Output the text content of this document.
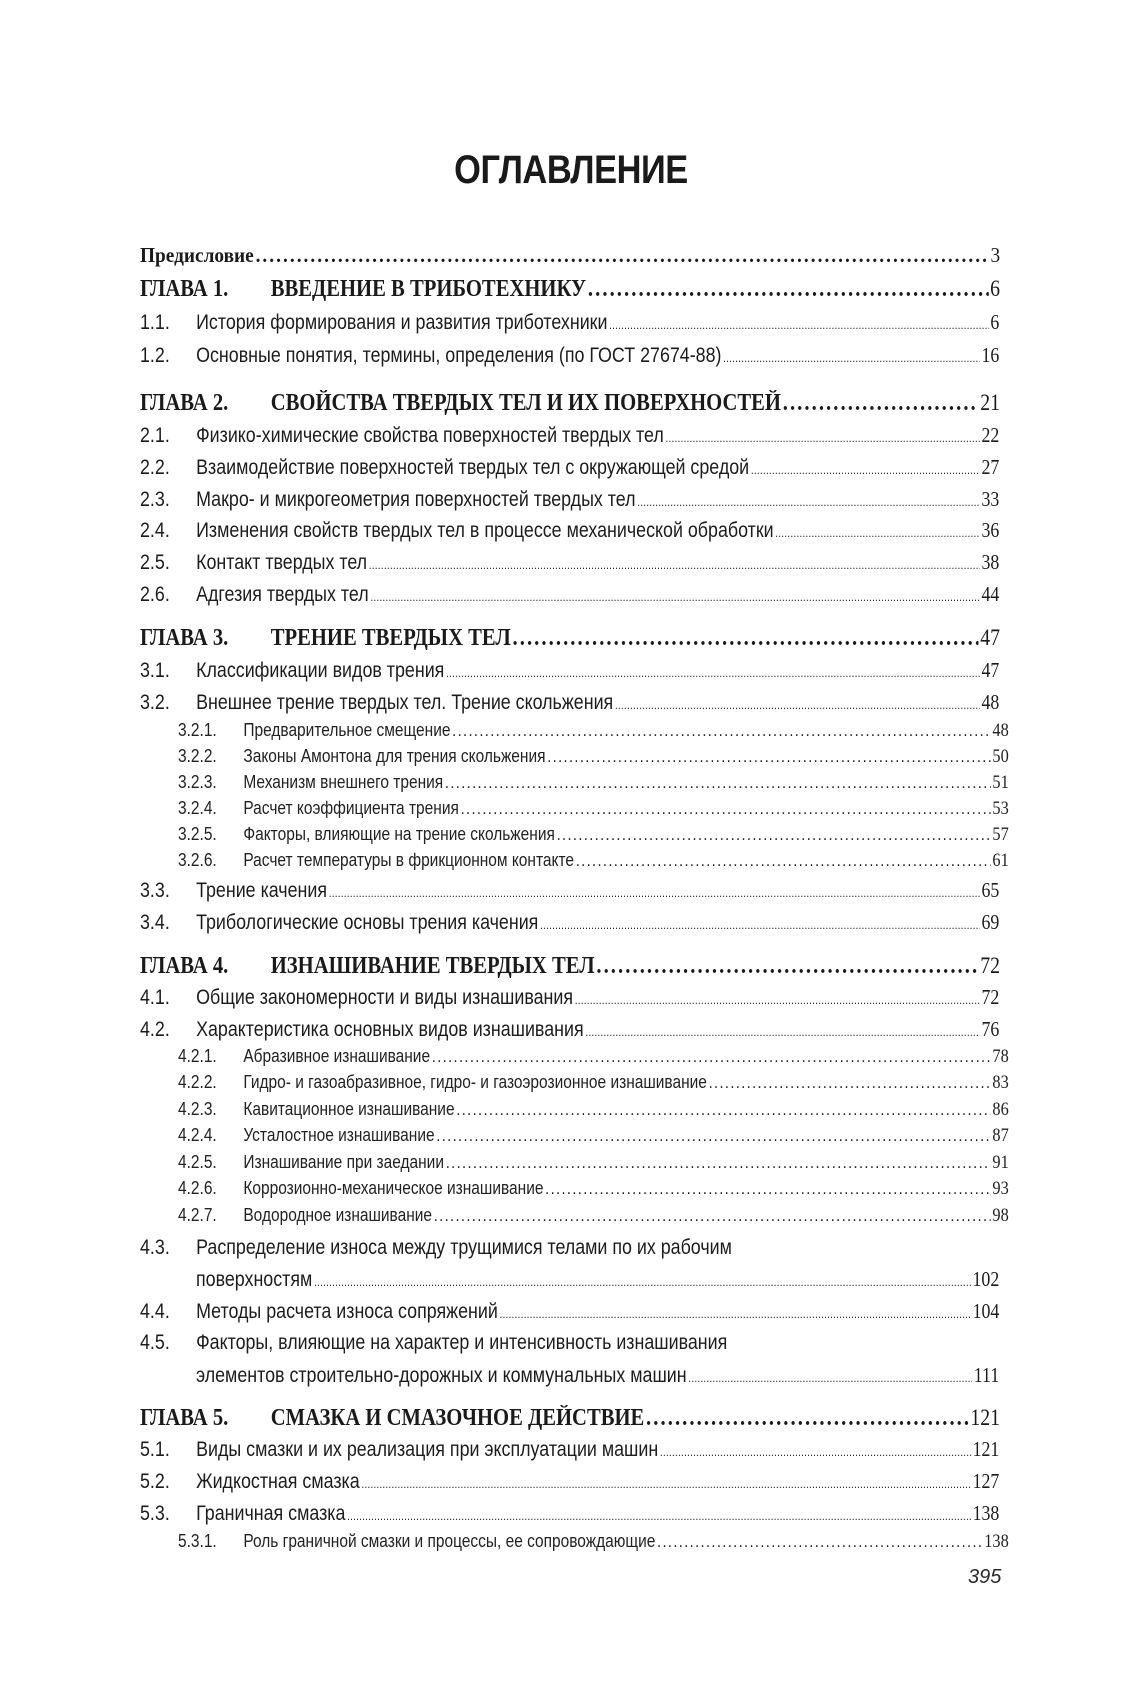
ОГЛАВЛЕНИЕ
Предисловие .....	3
ГЛАВА 1.	ВВЕДЕНИЕ В ТРИБОТЕХНИКУ .....	6
1.1.	История формирования и развития триботехники .....	6
1.2.	Основные понятия, термины, определения (по ГОСТ 27674-88) .....	16
ГЛАВА 2.	СВОЙСТВА ТВЕРДЫХ ТЕЛ И ИХ ПОВЕРХНОСТЕЙ .....	21
2.1.	Физико-химические свойства поверхностей твердых тел .....	22
2.2.	Взаимодействие поверхностей твердых тел с окружающей средой .....	27
2.3.	Макро- и микрогеометрия поверхностей твердых тел .....	33
2.4.	Изменения свойств твердых тел в процессе механической обработки .....	36
2.5.	Контакт твердых тел .....	38
2.6.	Адгезия твердых тел .....	44
ГЛАВА 3.	ТРЕНИЕ ТВЕРДЫХ ТЕЛ .....	47
3.1.	Классификации видов трения .....	47
3.2.	Внешнее трение твердых тел. Трение скольжения .....	48
3.2.1.	Предварительное смещение .....	48
3.2.2.	Законы Амонтона для трения скольжения .....	50
3.2.3.	Механизм внешнего трения .....	51
3.2.4.	Расчет коэффициента трения .....	53
3.2.5.	Факторы, влияющие на трение скольжения .....	57
3.2.6.	Расчет температуры в фрикционном контакте .....	61
3.3.	Трение качения .....	65
3.4.	Трибологические основы трения качения .....	69
ГЛАВА 4.	ИЗНАШИВАНИЕ ТВЕРДЫХ ТЕЛ .....	72
4.1.	Общие закономерности и виды изнашивания .....	72
4.2.	Характеристика основных видов изнашивания .....	76
4.2.1.	Абразивное изнашивание .....	78
4.2.2.	Гидро- и газоабразивное, гидро- и газоэрозионное изнашивание .....	83
4.2.3.	Кавитационное изнашивание .....	86
4.2.4.	Усталостное изнашивание .....	87
4.2.5.	Изнашивание при заедании .....	91
4.2.6.	Коррозионно-механическое изнашивание .....	93
4.2.7.	Водородное изнашивание .....	98
4.3.	Распределение износа между трущимися телами по их рабочим
поверхностям .....	102
4.4.	Методы расчета износа сопряжений .....	104
4.5.	Факторы, влияющие на характер и интенсивность изнашивания
элементов строительно-дорожных и коммунальных машин .....	111
ГЛАВА 5.	СМАЗКА И СМАЗОЧНОЕ ДЕЙСТВИЕ .....	121
5.1.	Виды смазки и их реализация при эксплуатации машин .....	121
5.2.	Жидкостная смазка .....	127
5.3.	Граничная смазка .....	138
5.3.1.	Роль граничной смазки и процессы, ее сопровождающие .....	138
395
